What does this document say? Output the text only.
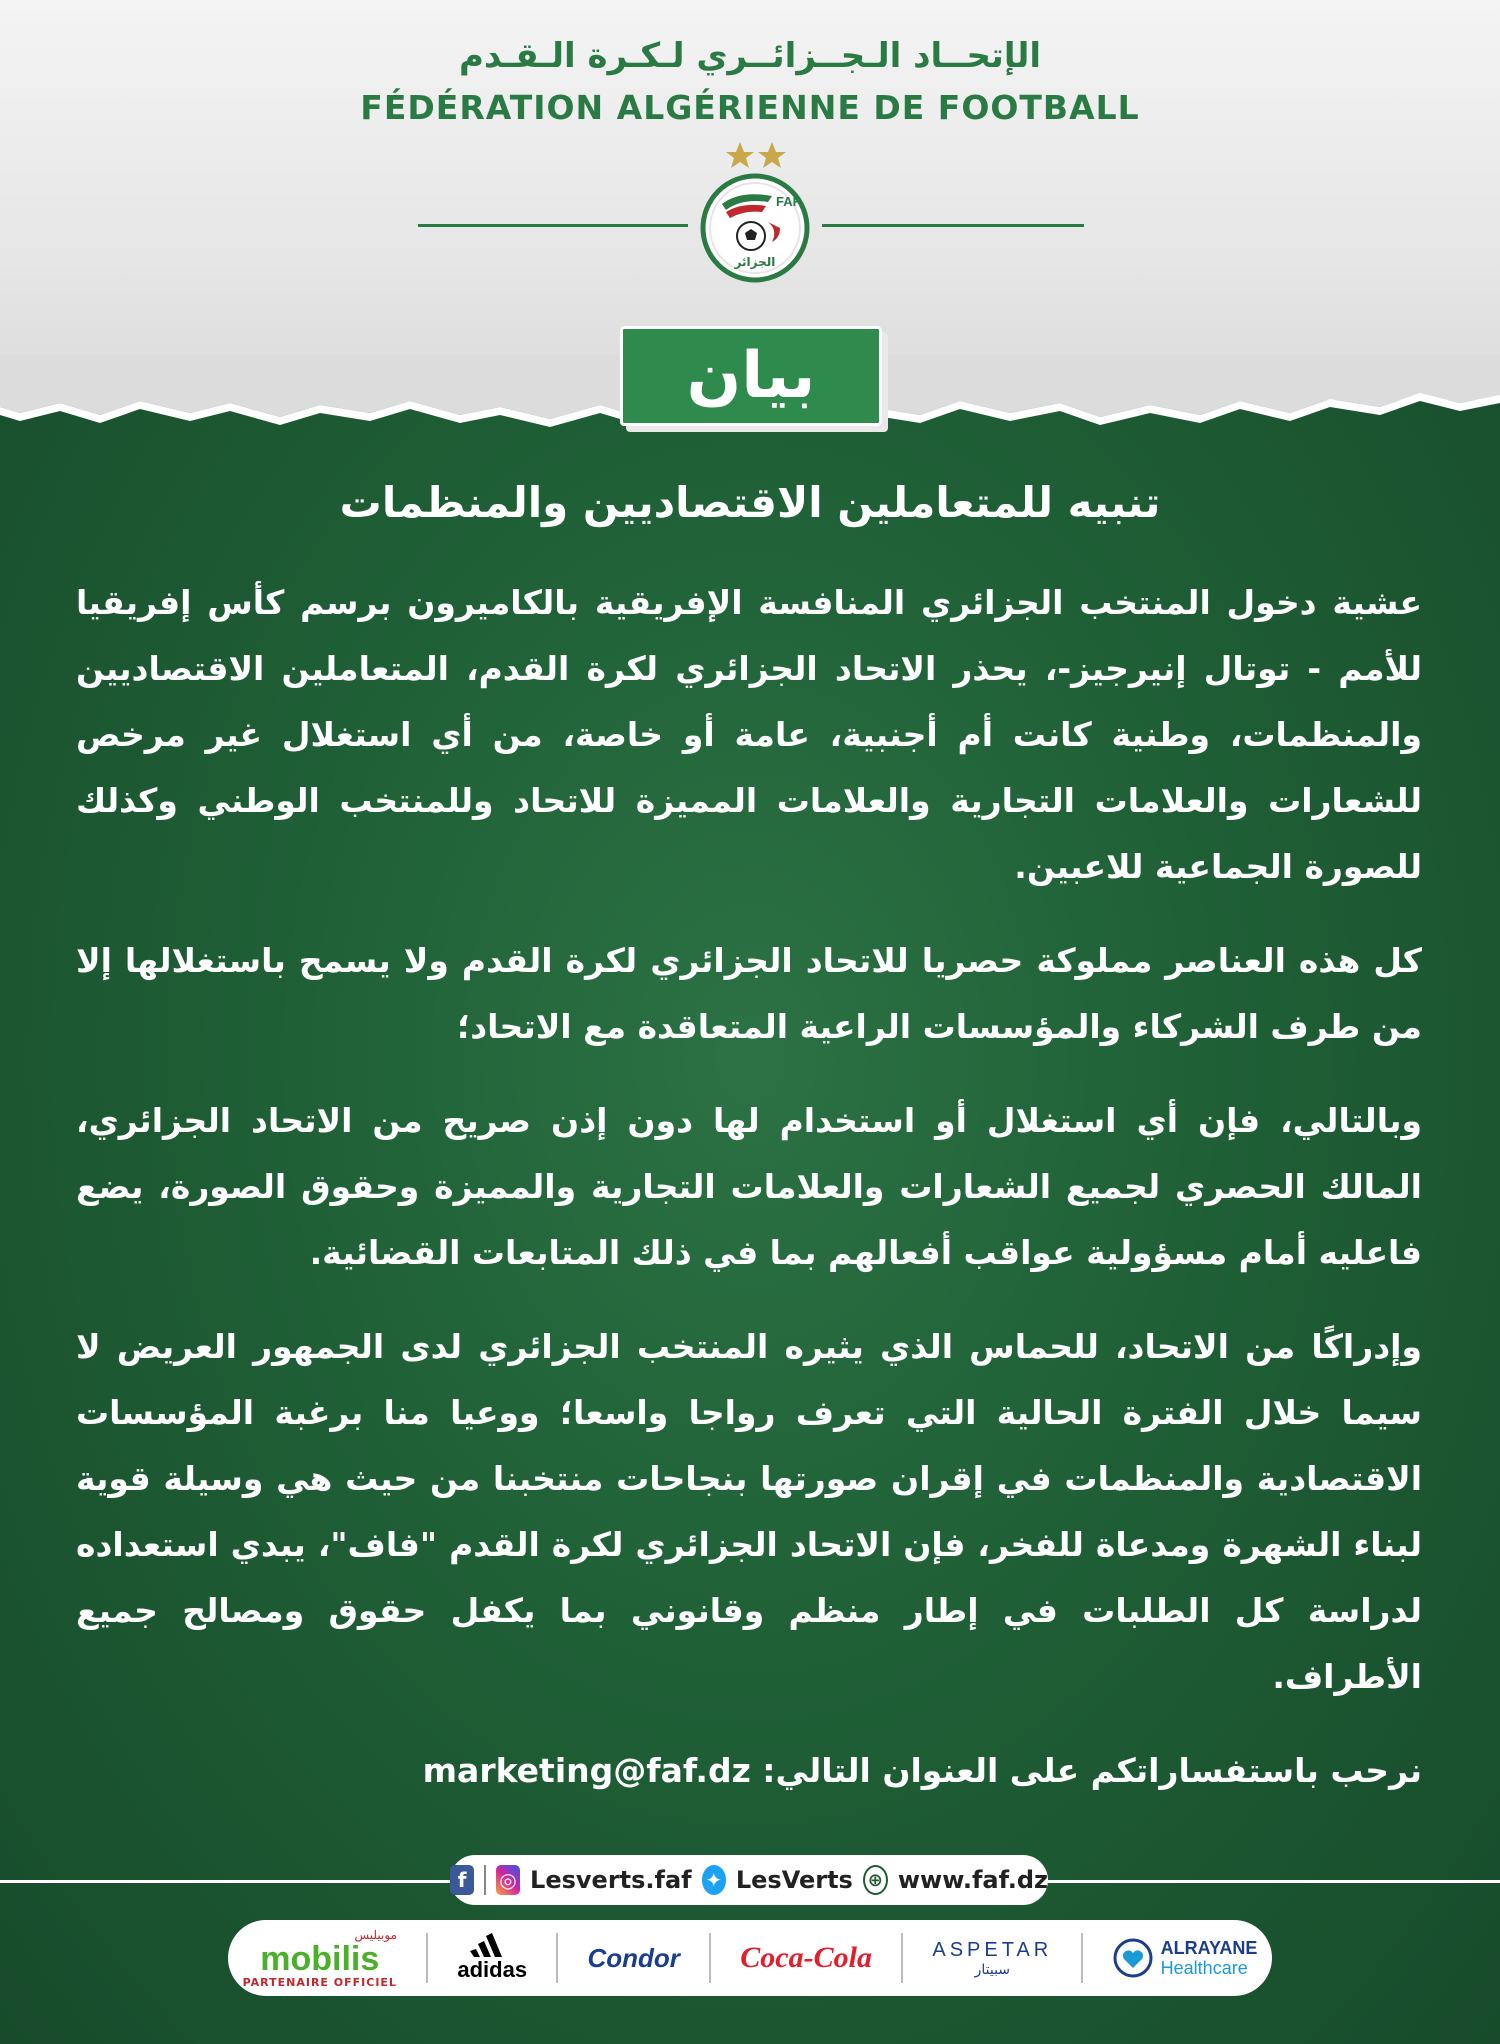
الإتحــاد الـجــزائــري لـكـرة الـقـدم
FÉDÉRATION ALGÉRIENNE DE FOOTBALL
FAF
الجزائر
بيان
تنبيه للمتعاملين الاقتصاديين والمنظمات

عشية دخول المنتخب الجزائري المنافسة الإفريقية بالكاميرون برسم كأس إفريقيا للأمم - توتال إنيرجيز-، يحذر الاتحاد الجزائري لكرة القدم، المتعاملين الاقتصاديين والمنظمات، وطنية كانت أم أجنبية، عامة أو خاصة، من أي استغلال غير مرخص للشعارات والعلامات التجارية والعلامات المميزة للاتحاد وللمنتخب الوطني وكذلك للصورة الجماعية للاعبين.

كل هذه العناصر مملوكة حصريا للاتحاد الجزائري لكرة القدم ولا يسمح باستغلالها إلا من طرف الشركاء والمؤسسات الراعية المتعاقدة مع الاتحاد؛

وبالتالي، فإن أي استغلال أو استخدام لها دون إذن صريح من الاتحاد الجزائري، المالك الحصري لجميع الشعارات والعلامات التجارية والمميزة وحقوق الصورة، يضع فاعليه أمام مسؤولية عواقب أفعالهم بما في ذلك المتابعات القضائية.

وإدراكًا من الاتحاد، للحماس الذي يثيره المنتخب الجزائري لدى الجمهور العريض لا سيما خلال الفترة الحالية التي تعرف رواجا واسعا؛ ووعيا منا برغبة المؤسسات الاقتصادية والمنظمات في إقران صورتها بنجاحات منتخبنا من حيث هي وسيلة قوية لبناء الشهرة ومدعاة للفخر، فإن الاتحاد الجزائري لكرة القدم "فاف"، يبدي استعداده لدراسة كل الطلبات في إطار منظم وقانوني بما يكفل حقوق ومصالح جميع الأطراف.

نرحب باستفساراتكم على العنوان التالي: marketing@faf.dz

f	◎ Lesverts.faf ✦ LesVerts ⊕ www.faf.dz
موبيليس
mobilis
PARTENAIRE OFFICIEL	adidas Condor Coca-Cola	ASPETAR
سبيتار
ALRAYANE
Healthcare
